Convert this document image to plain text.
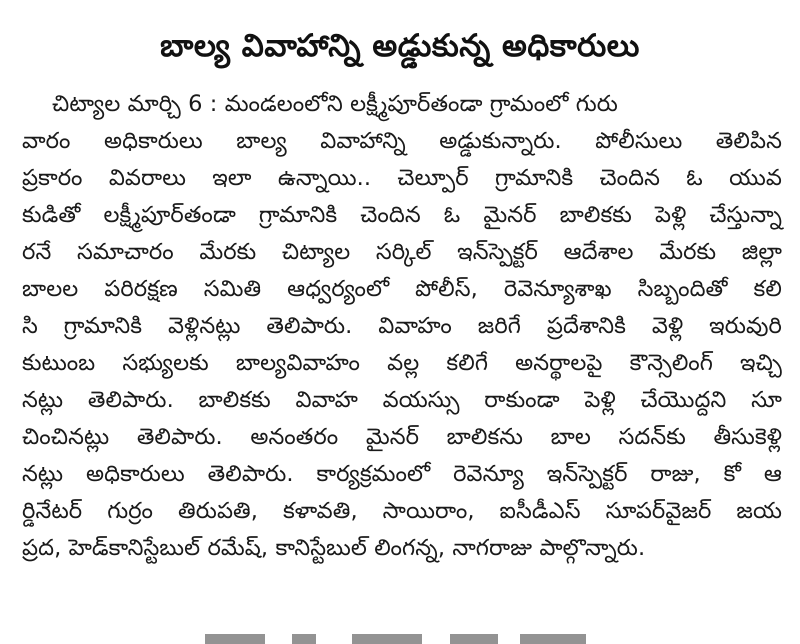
బాల్య వివాహాన్ని అడ్డుకున్న అధికారులు
చిట్యాల మార్చి 6 : మండలంలోని లక్ష్మీపూర్‌తండా గ్రామంలో గురు
వారం అధికారులు బాల్య వివాహాన్ని అడ్డుకున్నారు. పోలీసులు తెలిపిన
ప్రకారం వివరాలు ఇలా ఉన్నాయి.. చెల్పూర్ గ్రామానికి చెందిన ఓ యువ
కుడితో లక్ష్మీపూర్‌తండా గ్రామానికి చెందిన ఓ మైనర్ బాలికకు పెళ్లి చేస్తున్నా
రనే సమాచారం మేరకు చిట్యాల సర్కిల్ ఇన్‌స్పెక్టర్ ఆదేశాల మేరకు జిల్లా
బాలల పరిరక్షణ సమితి ఆధ్వర్యంలో పోలీస్, రెవెన్యూశాఖ సిబ్బందితో కలి
సి గ్రామానికి వెళ్లినట్లు తెలిపారు. వివాహం జరిగే ప్రదేశానికి వెళ్లి ఇరువురి
కుటుంబ సభ్యులకు బాల్యవివాహం వల్ల కలిగే అనర్థాలపై కౌన్సెలింగ్ ఇచ్చి
నట్లు తెలిపారు. బాలికకు వివాహ వయస్సు రాకుండా పెళ్లి చేయొద్దని సూ
చించినట్లు తెలిపారు. అనంతరం మైనర్ బాలికను బాల సదన్‌కు తీసుకెళ్లి
నట్లు అధికారులు తెలిపారు. కార్యక్రమంలో రెవెన్యూ ఇన్‌స్పెక్టర్ రాజు, కో ఆ
ర్డినేటర్ గుర్రం తిరుపతి, కళావతి, సాయిరాం, ఐసీడీఎస్ సూపర్‌వైజర్ జయ
ప్రద, హెడ్‌కానిస్టేబుల్ రమేష్, కానిస్టేబుల్ లింగన్న, నాగరాజు పాల్గొన్నారు.
